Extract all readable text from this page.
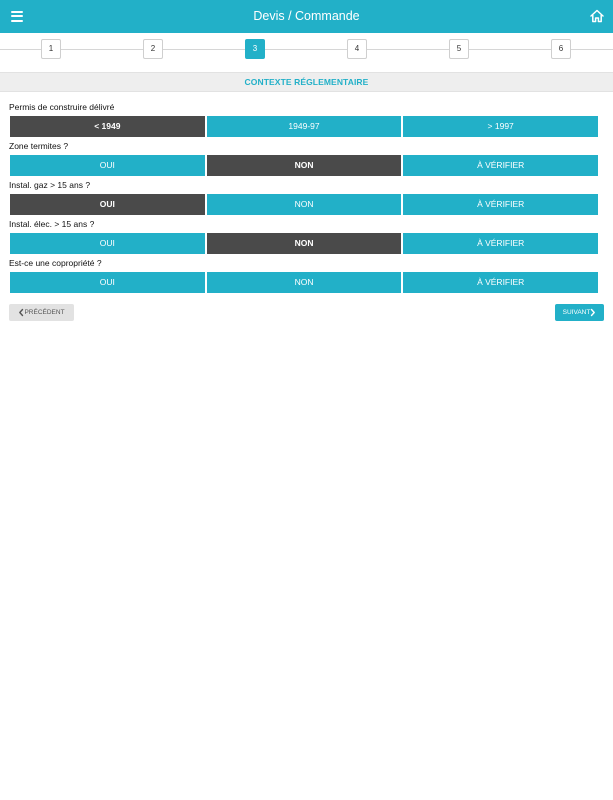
Devis / Commande
1	2	3	4	5	6
CONTEXTE RÉGLEMENTAIRE
Permis de construire délivré
< 1949	1949-97	> 1997
Zone termites ?
OUI	NON	À VÉRIFIER
Instal. gaz > 15 ans ?
OUI	NON	À VÉRIFIER
Instal. élec. > 15 ans ?
OUI	NON	À VÉRIFIER
Est-ce une copropriété ?
OUI	NON	À VÉRIFIER
PRÉCÉDENT	SUIVANT
